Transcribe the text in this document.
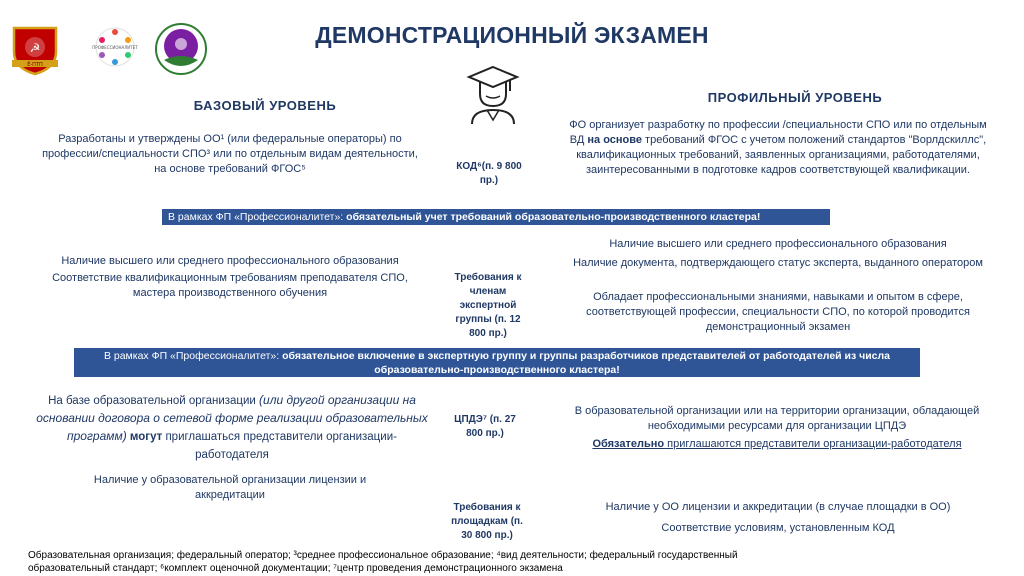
☭
Ё-ПТП
ПРОФЕССИОНАЛИТЕТ	ДЕМОНСТРАЦИОННЫЙ ЭКЗАМЕН
БАЗОВЫЙ УРОВЕНЬ
ПРОФИЛЬНЫЙ УРОВЕНЬ
Разработаны и утверждены ОО¹ (или федеральные операторы) по профессии/специальности СПО³ или по отдельным видам деятельности, на основе требований ФГОС⁵	КОД⁶(п. 9 800 пр.)
ФО организует разработку по профессии /специальности СПО или по отдельным ВД на основе требований ФГОС с учетом положений стандартов "Ворлдскиллс", квалификационных требований, заявленных организациями, работодателями, заинтересованными в подготовке кадров соответствующей квалификации.
В рамках ФП «Профессионалитет»: обязательный учет требований образовательно-производственного кластера!
Наличие высшего или среднего профессионального образования
Соответствие квалификационным требованиям преподавателя СПО, мастера производственного обучения
Требования к членам экспертной группы (п. 12 800 пр.)
Наличие высшего или среднего профессионального образования
Наличие документа, подтверждающего статус эксперта, выданного оператором
Обладает профессиональными знаниями, навыками и опытом в сфере, соответствующей профессии, специальности СПО, по которой проводится демонстрационный экзамен
В рамках ФП «Профессионалитет»: обязательное включение в экспертную группу и группы разработчиков представителей от работодателей из числа образовательно-производственного кластера!
На базе образовательной организации (или другой организации на основании договора о сетевой форме реализации образовательных программ) могут приглашаться представители организации-работодателя
ЦПДЭ⁷ (п. 27 800 пр.)
В образовательной организации или на территории организации, обладающей необходимыми ресурсами для организации ЦПДЭ
Обязательно приглашаются представители организации-работодателя
Наличие у образовательной организации лицензии и аккредитации
Требования к площадкам (п. 30 800 пр.)
Наличие у ОО лицензии и аккредитации (в случае площадки в ОО)
Соответствие условиям, установленным КОД
Образовательная организация; федеральный оператор; ³среднее профессиональное образование; ⁴вид деятельности; федеральный государственный образовательный стандарт; ⁶комплект оценочной документации; ⁷центр проведения демонстрационного экзамена
